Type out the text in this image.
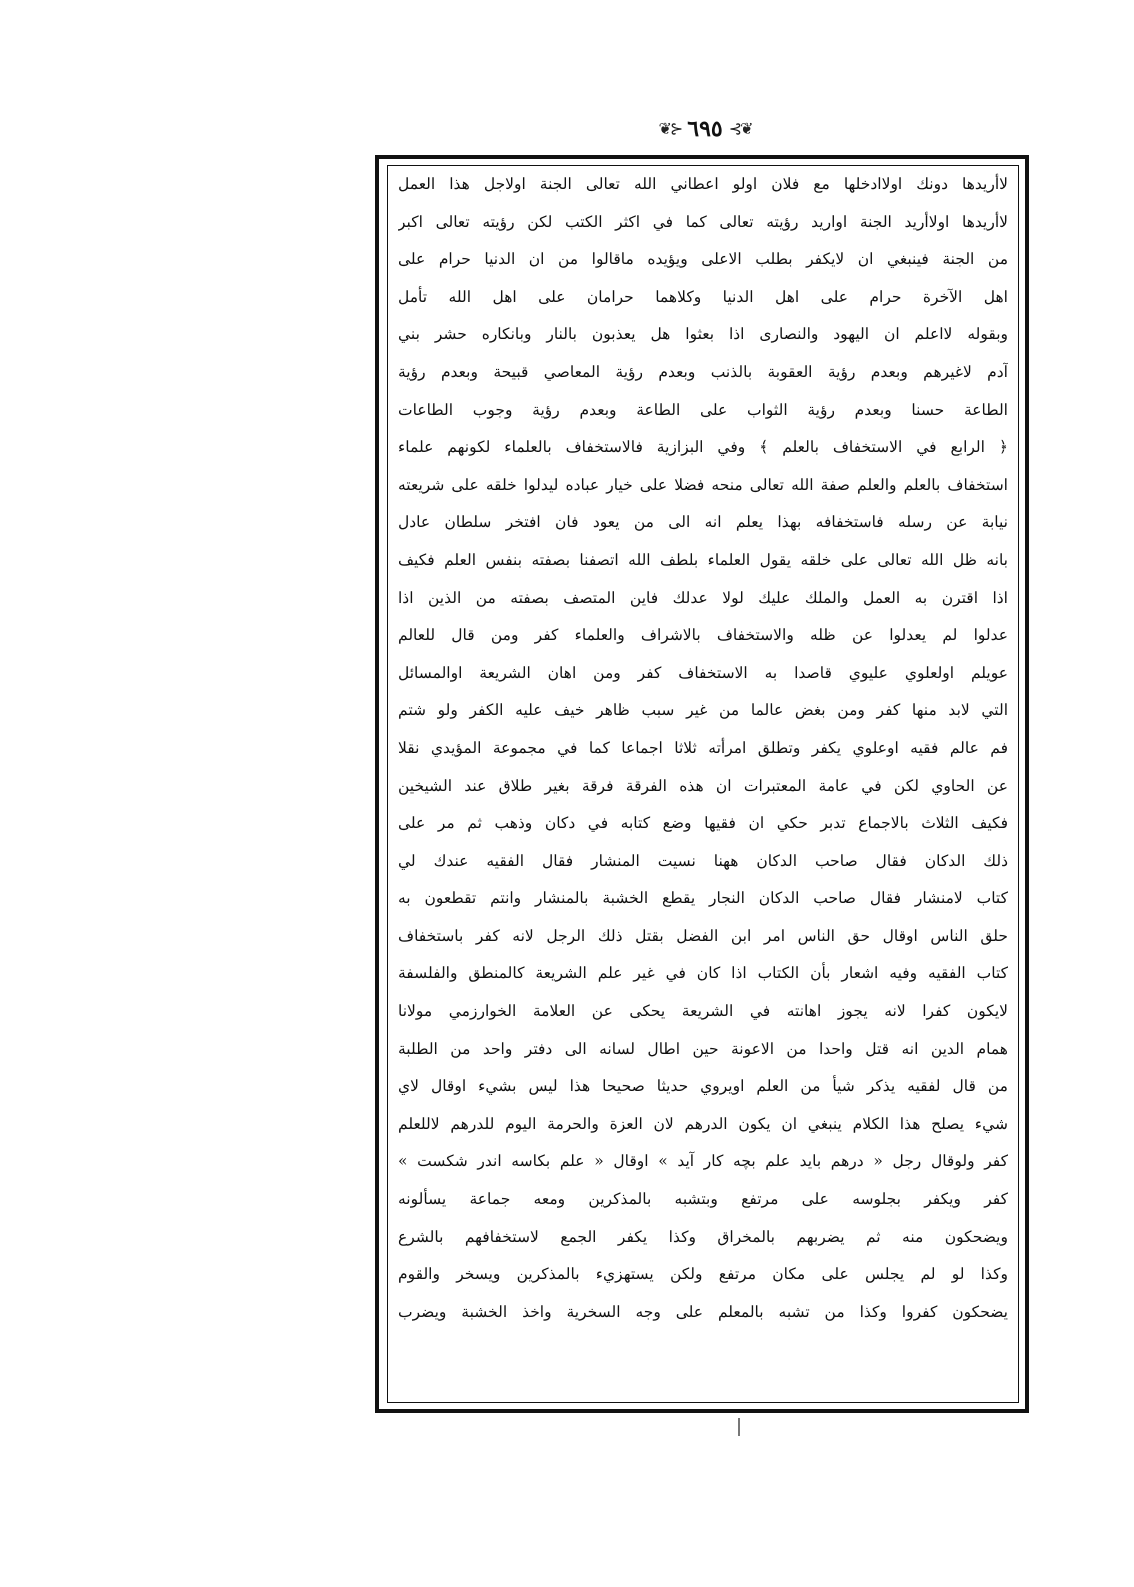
❦⊱ ٦٩٥ ⊰❦
لاأريدها دونك اولاادخلها مع فلان اولو اعطاني الله تعالى الجنة اولاجل هذا العمل
لاأريدها اولاأريد الجنة اواريد رؤيته تعالى كما في اكثر الكتب لكن رؤيته تعالى اكبر
من الجنة فينبغي ان لايكفر بطلب الاعلى ويؤيده ماقالوا من ان الدنيا حرام على
اهل الآخرة حرام على اهل الدنيا وكلاهما حرامان على اهل الله تأمل
وبقوله لااعلم ان اليهود والنصارى اذا بعثوا هل يعذبون بالنار وبانكاره حشر بني
آدم لاغيرهم وبعدم رؤية العقوبة بالذنب وبعدم رؤية المعاصي قبيحة وبعدم رؤية
الطاعة حسنا وبعدم رؤية الثواب على الطاعة وبعدم رؤية وجوب الطاعات
﴿ الرابع في الاستخفاف بالعلم ﴾ وفي البزازية فالاستخفاف بالعلماء لكونهم علماء
استخفاف بالعلم والعلم صفة الله تعالى منحه فضلا على خيار عباده ليدلوا خلقه على شريعته
نيابة عن رسله فاستخفافه بهذا يعلم انه الى من يعود فان افتخر سلطان عادل
بانه ظل الله تعالى على خلقه يقول العلماء بلطف الله اتصفنا بصفته بنفس العلم فكيف
اذا اقترن به العمل والملك عليك لولا عدلك فاين المتصف بصفته من الذين اذا
عدلوا لم يعدلوا عن ظله والاستخفاف بالاشراف والعلماء كفر ومن قال للعالم
عويلم اولعلوي عليوي قاصدا به الاستخفاف كفر ومن اهان الشريعة اوالمسائل
التي لابد منها كفر ومن بغض عالما من غير سبب ظاهر خيف عليه الكفر ولو شتم
فم عالم فقيه اوعلوي يكفر وتطلق امرأته ثلاثا اجماعا كما في مجموعة المؤيدي نقلا
عن الحاوي لكن في عامة المعتبرات ان هذه الفرقة فرقة بغير طلاق عند الشيخين
فكيف الثلاث بالاجماع تدبر حكي ان فقيها وضع كتابه في دكان وذهب ثم مر على
ذلك الدكان فقال صاحب الدكان ههنا نسيت المنشار فقال الفقيه عندك لي
كتاب لامنشار فقال صاحب الدكان النجار يقطع الخشبة بالمنشار وانتم تقطعون به
حلق الناس اوقال حق الناس امر ابن الفضل بقتل ذلك الرجل لانه كفر باستخفاف
كتاب الفقيه وفيه اشعار بأن الكتاب اذا كان في غير علم الشريعة كالمنطق والفلسفة
لايكون كفرا لانه يجوز اهانته في الشريعة يحكى عن العلامة الخوارزمي مولانا
همام الدين انه قتل واحدا من الاعونة حين اطال لسانه الى دفتر واحد من الطلبة
من قال لفقيه يذكر شيأ من العلم اويروي حديثا صحيحا هذا ليس بشيء اوقال لاي
شيء يصلح هذا الكلام ينبغي ان يكون الدرهم لان العزة والحرمة اليوم للدرهم لاللعلم
كفر ولوقال رجل « درهم بايد علم بچه كار آيد » اوقال « علم بكاسه اندر شكست »
كفر ويكفر بجلوسه على مرتفع وبتشبه بالمذكرين ومعه جماعة يسألونه
ويضحكون منه ثم يضربهم بالمخراق وكذا يكفر الجمع لاستخفافهم بالشرع
وكذا لو لم يجلس على مكان مرتفع ولكن يستهزيء بالمذكرين ويسخر والقوم
يضحكون كفروا وكذا من تشبه بالمعلم على وجه السخرية واخذ الخشبة ويضرب
